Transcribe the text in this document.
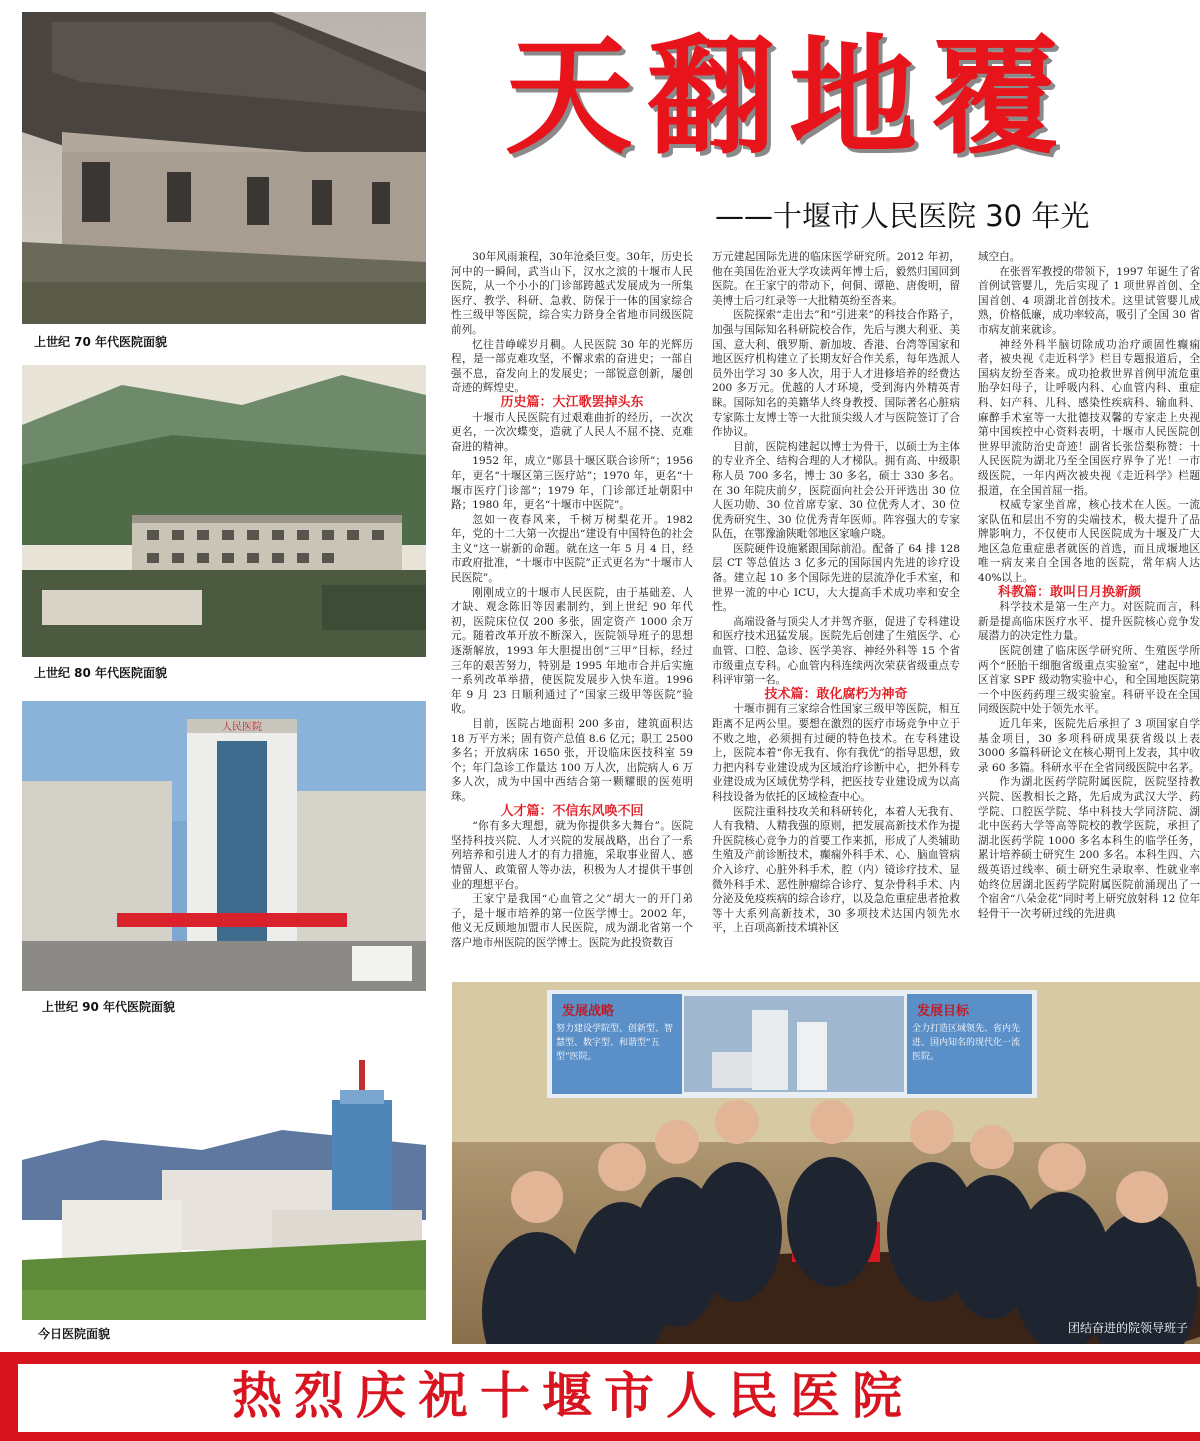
上世纪 70 年代医院面貌
上世纪 80 年代医院面貌
人民医院
上世纪 90 年代医院面貌
今日医院面貌
天翻地覆
——十堰市人民医院 30 年光

30年风雨兼程，30年沧桑巨变。30年，历史长河中的一瞬间，武当山下，汉水之滨的十堰市人民医院，从一个小小的门诊部跨越式发展成为一所集医疗、教学、科研、急救、防保于一体的国家综合性三级甲等医院，综合实力跻身全省地市同级医院前列。

忆往昔峥嵘岁月稠。人民医院 30 年的光辉历程，是一部克难攻坚，不懈求索的奋进史；一部自强不息，奋发向上的发展史；一部锐意创新，屡创奇迹的辉煌史。

历史篇：大江歌罢掉头东

十堰市人民医院有过艰难曲折的经历，一次次更名，一次次蝶变，造就了人民人不屈不挠、克难奋进的精神。

1952 年，成立“郧县十堰区联合诊所”；1956 年，更名“十堰区第三医疗站”；1970 年，更名“十堰市医疗门诊部”；1979 年，门诊部迁址朝阳中路；1980 年，更名“十堰市中医院”。

忽如一夜春风来，千树万树梨花开。1982 年，党的十二大第一次提出“建设有中国特色的社会主义”这一崭新的命题。就在这一年 5 月 4 日，经市政府批准，“十堰市中医院”正式更名为“十堰市人民医院”。

刚刚成立的十堰市人民医院，由于基础差、人才缺、观念陈旧等因素制约，到上世纪 90 年代初，医院床位仅 200 多张，固定资产 1000 余万元。随着改革开放不断深入，医院领导班子的思想逐渐解放，1993 年大胆提出创“三甲”目标，经过三年的艰苦努力，特别是 1995 年地市合并后实施一系列改革举措，使医院发展步入快车道。1996 年 9 月 23 日顺利通过了“国家三级甲等医院”验收。

目前，医院占地面积 200 多亩，建筑面积达 18 万平方米；固有资产总值 8.6 亿元；职工 2500 多名；开放病床 1650 张，开设临床医技科室 59 个；年门急诊工作量达 100 万人次，出院病人 6 万多人次，成为中国中西结合第一颗耀眼的医苑明珠。

人才篇：不信东风唤不回

“你有多大理想，就为你提供多大舞台”。医院坚持科技兴院、人才兴院的发展战略，出台了一系列培养和引进人才的有力措施，采取事业留人、感情留人、政策留人等办法，积极为人才提供干事创业的理想平台。

王家宁是我国“心血管之父”胡大一的开门弟子，是十堰市培养的第一位医学博士。2002 年，他义无反顾地加盟市人民医院，成为湖北省第一个落户地市州医院的医学博士。医院为此投资数百

万元建起国际先进的临床医学研究所。2012 年初，他在美国佐治亚大学攻读两年博士后，毅然归国回到医院。在王家宁的带动下，何侗、谭艳、唐俊明，留美博士后刁红录等一大批精英纷至沓来。

医院探索“走出去”和“引进来”的科技合作路子，加强与国际知名科研院校合作，先后与澳大利亚、美国、意大利、俄罗斯、新加坡、香港、台湾等国家和地区医疗机构建立了长期友好合作关系，每年选派人员外出学习 30 多人次，用于人才进修培养的经费达 200 多万元。优越的人才环境，受到海内外精英青睐。国际知名的美籍华人终身教授、国际著名心脏病专家陈士友博士等一大批顶尖级人才与医院签订了合作协议。

目前，医院构建起以博士为骨干，以硕士为主体的专业齐全、结构合理的人才梯队。拥有高、中级职称人员 700 多名，博士 30 多名，硕士 330 多名。在 30 年院庆前夕，医院面向社会公开评选出 30 位人医功勋、30 位首席专家、30 位优秀人才、30 位优秀研究生、30 位优秀青年医师。阵容强大的专家队伍，在鄂豫渝陕毗邻地区家喻户晓。

医院硬件设施紧跟国际前沿。配备了 64 排 128 层 CT 等总值达 3 亿多元的国际国内先进的诊疗设备。建立起 10 多个国际先进的层流净化手术室，和世界一流的中心 ICU，大大提高手术成功率和安全性。

高端设备与顶尖人才并驾齐驱，促进了专科建设和医疗技术迅猛发展。医院先后创建了生殖医学、心血管、口腔、急诊、医学美容、神经外科等 15 个省市级重点专科。心血管内科连续两次荣获省级重点专科评审第一名。

技术篇：敢化腐朽为神奇

十堰市拥有三家综合性国家三级甲等医院，相互距离不足两公里。要想在激烈的医疗市场竞争中立于不败之地，必须拥有过硬的特色技术。在专科建设上，医院本着“你无我有、你有我优”的指导思想，致力把内科专业建设成为区域治疗诊断中心，把外科专业建设成为区域优势学科，把医技专业建设成为以高科技设备为依托的区域检查中心。

医院注重科技攻关和科研转化，本着人无我有、人有我精、人精我强的原则，把发展高新技术作为提升医院核心竞争力的首要工作来抓，形成了人类辅助生殖及产前诊断技术，癫痫外科手术、心、脑血管病介入诊疗、心脏外科手术，腔（内）镜诊疗技术、显微外科手术、恶性肿瘤综合诊疗、复杂骨科手术、内分泌及免疫疾病的综合诊疗，以及急危重症患者抢救等十大系列高新技术，30 多项技术达国内领先水平，上百项高新技术填补区

域空白。

在张晋军教授的带领下，1997 年诞生了省首例试管婴儿，先后实现了 1 项世界首创、全国首创、4 项湖北首创技术。这里试管婴儿成熟，价格低廉，成功率较高，吸引了全国 30 省市病友前来就诊。

神经外科半脑切除成功治疗顽固性癫痫者，被央视《走近科学》栏目专题报道后，全国病友纷至沓来。成功抢救世界首例甲流危重胎孕妇母子，让呼吸内科、心血管内科、重症科、妇产科、儿科、感染性疾病科、输血科、麻醉手术室等一大批德技双馨的专家走上央视第中国疾控中心资料表明，十堰市人民医院创世界甲流防治史奇迹！副省长张岱梨称赞：十人民医院为湖北乃至全国医疗界争了光！一市级医院，一年内两次被央视《走近科学》栏题报道，在全国首屈一指。

权威专家坐首席，核心技术在人医。一流家队伍和层出不穷的尖端技术，极大提升了品牌影响力，不仅使市人民医院成为十堰及广大地区急危重症患者就医的首选，而且成堰地区唯一病友来自全国各地的医院，常年病人达 40%以上。

科教篇：敢叫日月换新颜

科学技术是第一生产力。对医院而言，科新是提高临床医疗水平、提升医院核心竞争发展潜力的决定性力量。

医院创建了临床医学研究所、生殖医学所两个“胚胎干细胞省级重点实验室”，建起中地区首家 SPF 级动物实验中心，和全国地医院第一个中医药药理三级实验室。科研平设在全国同级医院中处于领先水平。

近几年来，医院先后承担了 3 项国家自学基金项目，30 多项科研成果获省级以上表3000 多篇科研论文在核心期刊上发表，其中收录 60 多篇。科研水平在全省同级医院中名茅。

作为湖北医药学院附属医院，医院坚持教兴院、医教相长之路，先后成为武汉大学、药学院、口腔医学院、华中科技大学同济院、湖北中医药大学等高等院校的教学医院，承担了湖北医药学院 1000 多名本科生的临学任务，累计培养硕士研究生 200 多名。本科生四、六级英语过线率、硕士研究生录取率、性就业率始终位居湖北医药学院附属医院前涌现出了一个宿舍“八朵金花”同时考上研究放射科 12 位年轻骨干一次考研过线的先进典

发展战略
努力建设学院型、创新型、智慧型、数字型、和谐型“五型”医院。
发展目标
全力打造区域领先、省内先进、国内知名的现代化一流医院。
团结奋进的院领导班子
热烈庆祝十堰市人民医院
